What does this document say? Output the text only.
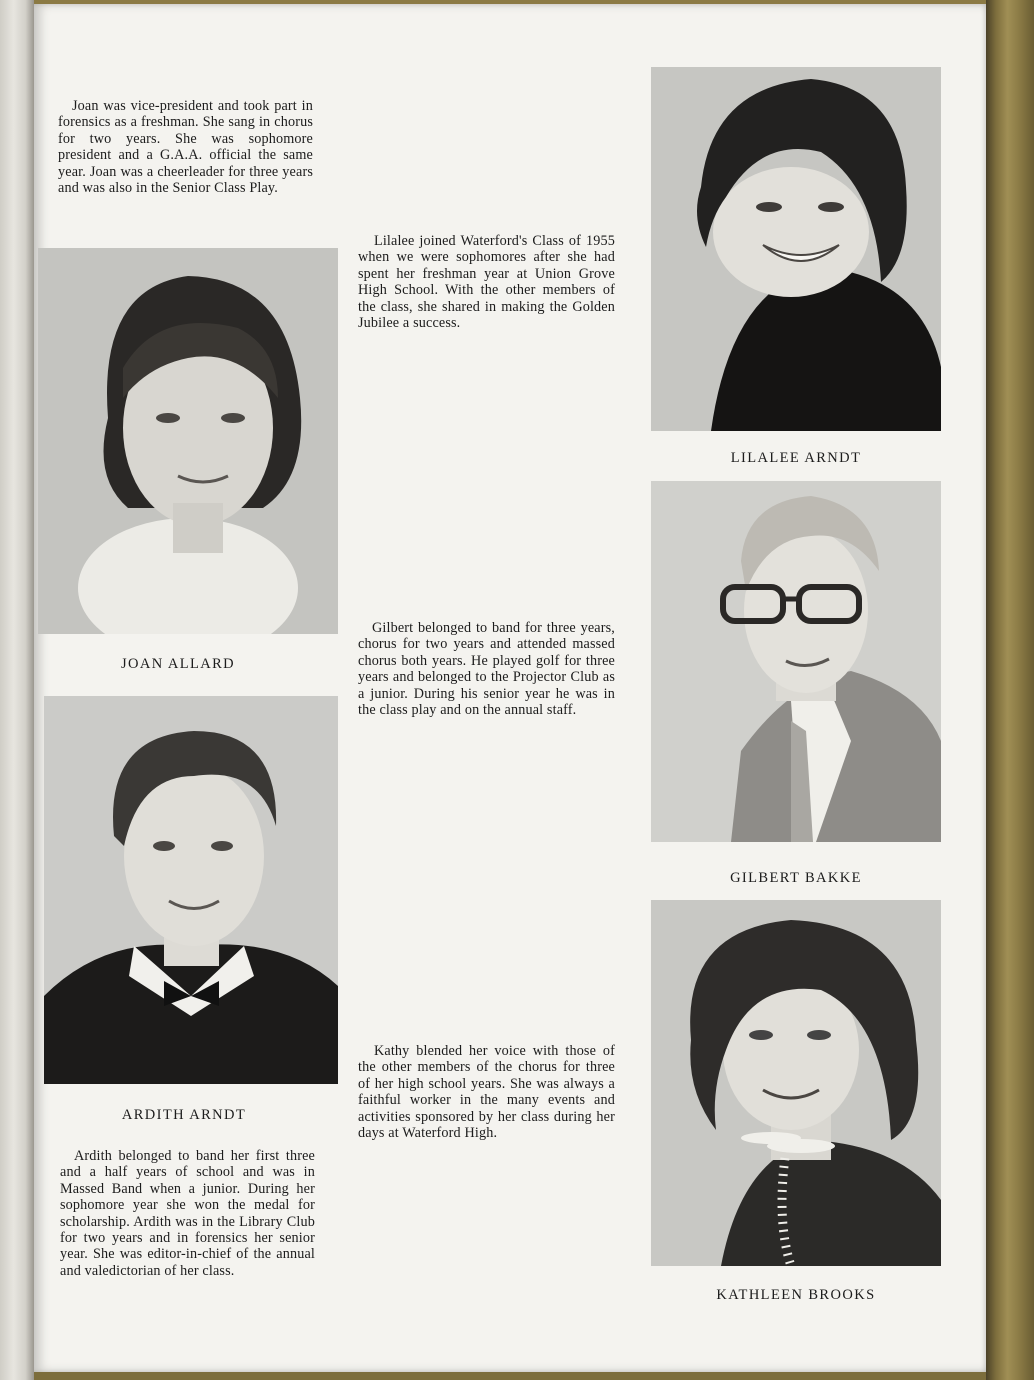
Joan was vice-president and took part in forensics as a freshman. She sang in chorus for two years. She was sophomore president and a G.A.A. official the same year. Joan was a cheerleader for three years and was also in the Senior Class Play.

JOAN ALLARD

ARDITH ARNDT

Ardith belonged to band her first three and a half years of school and was in Massed Band when a junior. During her sophomore year she won the medal for scholarship. Ardith was in the Library Club for two years and in forensics her senior year. She was editor-in-chief of the annual and valedictorian of her class.

Lilalee joined Waterford's Class of 1955 when we were sophomores after she had spent her freshman year at Union Grove High School. With the other members of the class, she shared in making the Golden Jubilee a success.

Gilbert belonged to band for three years, chorus for two years and attended massed chorus both years. He played golf for three years and belonged to the Projector Club as a junior. During his senior year he was in the class play and on the annual staff.

Kathy blended her voice with those of the other members of the chorus for three of her high school years. She was always a faithful worker in the many events and activities sponsored by her class during her days at Waterford High.

LILALEE ARNDT

GILBERT BAKKE

KATHLEEN BROOKS
